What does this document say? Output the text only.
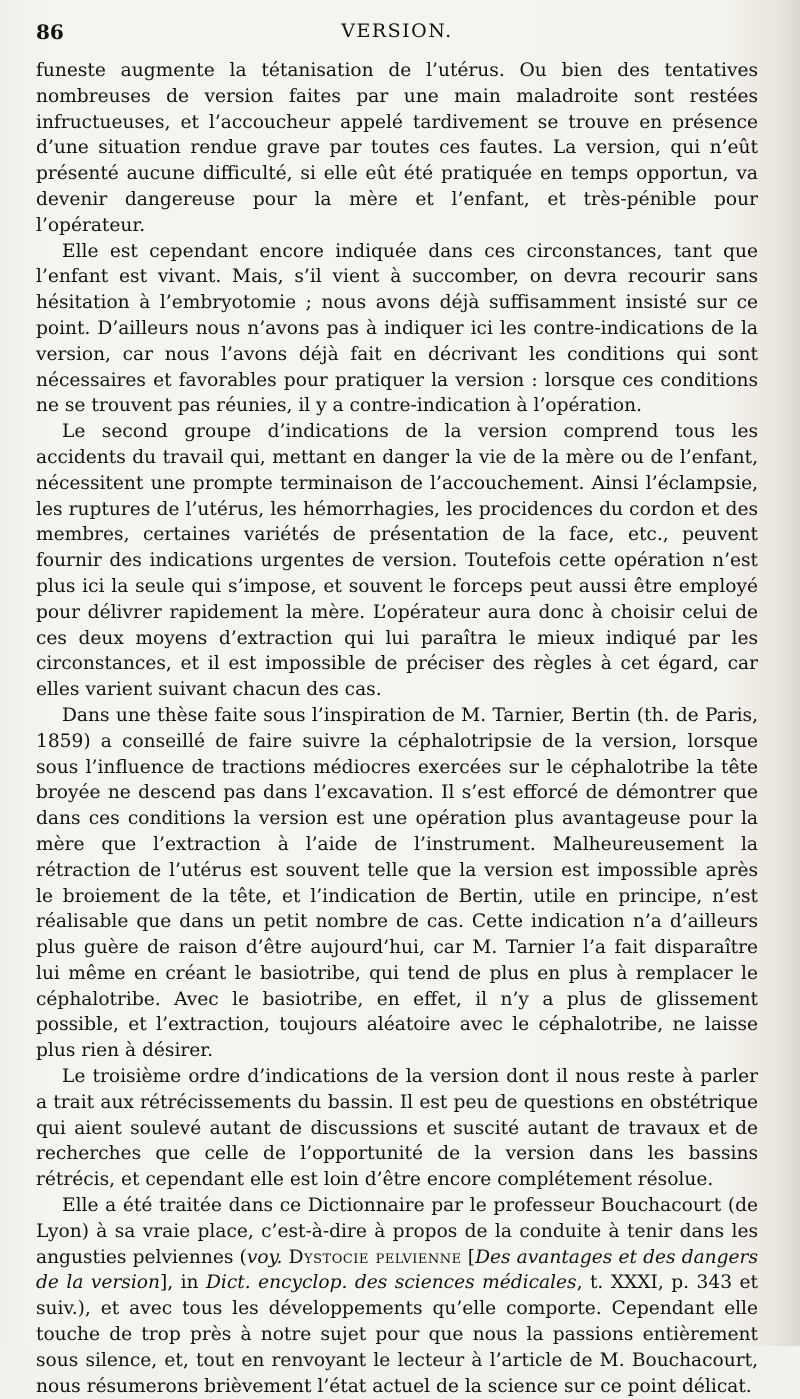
86	VERSION.

funeste augmente la tétanisation de l’utérus. Ou bien des tentatives nombreuses de version faites par une main maladroite sont restées infructueuses, et l’accoucheur appelé tardivement se trouve en présence d’une situation rendue grave par toutes ces fautes. La version, qui n’eût présenté aucune difficulté, si elle eût été pratiquée en temps opportun, va devenir dangereuse pour la mère et l’enfant, et très-pénible pour l’opérateur.

Elle est cependant encore indiquée dans ces circonstances, tant que l’enfant est vivant. Mais, s’il vient à succomber, on devra recourir sans hésitation à l’embryotomie ; nous avons déjà suffisamment insisté sur ce point. D’ailleurs nous n’avons pas à indiquer ici les contre-indications de la version, car nous l’avons déjà fait en décrivant les conditions qui sont nécessaires et favorables pour pratiquer la version : lorsque ces conditions ne se trouvent pas réunies, il y a contre-indication à l’opération.

Le second groupe d’indications de la version comprend tous les accidents du travail qui, mettant en danger la vie de la mère ou de l’enfant, nécessitent une prompte terminaison de l’accouchement. Ainsi l’éclampsie, les ruptures de l’utérus, les hémorrhagies, les procidences du cordon et des membres, certaines variétés de présentation de la face, etc., peuvent fournir des indications urgentes de version. Toutefois cette opération n’est plus ici la seule qui s’impose, et souvent le forceps peut aussi être employé pour délivrer rapidement la mère. L’opérateur aura donc à choisir celui de ces deux moyens d’extraction qui lui paraîtra le mieux indiqué par les circonstances, et il est impossible de préciser des règles à cet égard, car elles varient suivant chacun des cas.

Dans une thèse faite sous l’inspiration de M. Tarnier, Bertin (th. de Paris, 1859) a conseillé de faire suivre la céphalotripsie de la version, lorsque sous l’influence de tractions médiocres exercées sur le céphalotribe la tête broyée ne descend pas dans l’excavation. Il s’est efforcé de démontrer que dans ces conditions la version est une opération plus avantageuse pour la mère que l’extraction à l’aide de l’instrument. Malheureusement la rétraction de l’utérus est souvent telle que la version est impossible après le broiement de la tête, et l’indication de Bertin, utile en principe, n’est réalisable que dans un petit nombre de cas. Cette indication n’a d’ailleurs plus guère de raison d’être aujourd’hui, car M. Tarnier l’a fait disparaître lui même en créant le basiotribe, qui tend de plus en plus à remplacer le céphalotribe. Avec le basiotribe, en effet, il n’y a plus de glissement possible, et l’extraction, toujours aléatoire avec le céphalotribe, ne laisse plus rien à désirer.

Le troisième ordre d’indications de la version dont il nous reste à parler a trait aux rétrécissements du bassin. Il est peu de questions en obstétrique qui aient soulevé autant de discussions et suscité autant de travaux et de recherches que celle de l’opportunité de la version dans les bassins rétrécis, et cependant elle est loin d’être encore complétement résolue.

Elle a été traitée dans ce Dictionnaire par le professeur Bouchacourt (de Lyon) à sa vraie place, c’est-à-dire à propos de la conduite à tenir dans les angusties pelviennes (voy. Dystocie pelvienne [Des avantages et des dangers de la version], in Dict. encyclop. des sciences médicales, t. XXXI, p. 343 et suiv.), et avec tous les développements qu’elle comporte. Cependant elle touche de trop près à notre sujet pour que nous la passions entièrement sous silence, et, tout en renvoyant le lecteur à l’article de M. Bouchacourt, nous résumerons brièvement l’état actuel de la science sur ce point délicat.
